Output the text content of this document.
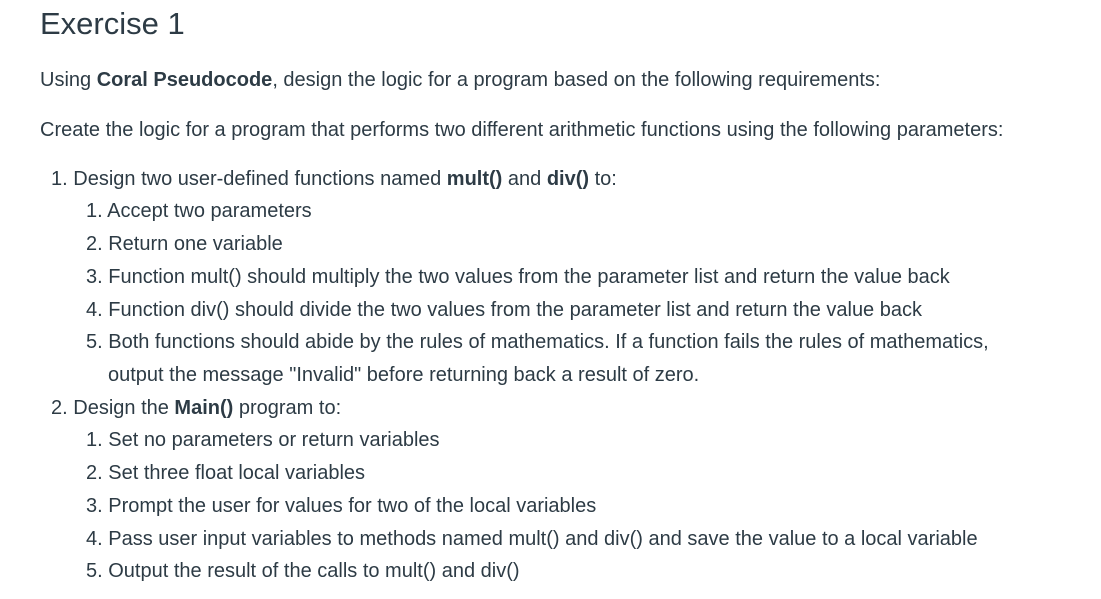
Exercise 1

Using Coral Pseudocode, design the logic for a program based on the following requirements:

Create the logic for a program that performs two different arithmetic functions using the following parameters:

1. Design two user-defined functions named mult() and div() to:

1. Accept two parameters

2. Return one variable

3. Function mult() should multiply the two values from the parameter list and return the value back

4. Function div() should divide the two values from the parameter list and return the value back

5. Both functions should abide by the rules of mathematics. If a function fails the rules of mathematics,

output the message "Invalid" before returning back a result of zero.

2. Design the Main() program to:

1. Set no parameters or return variables

2. Set three float local variables

3. Prompt the user for values for two of the local variables

4. Pass user input variables to methods named mult() and div() and save the value to a local variable

5. Output the result of the calls to mult() and div()
